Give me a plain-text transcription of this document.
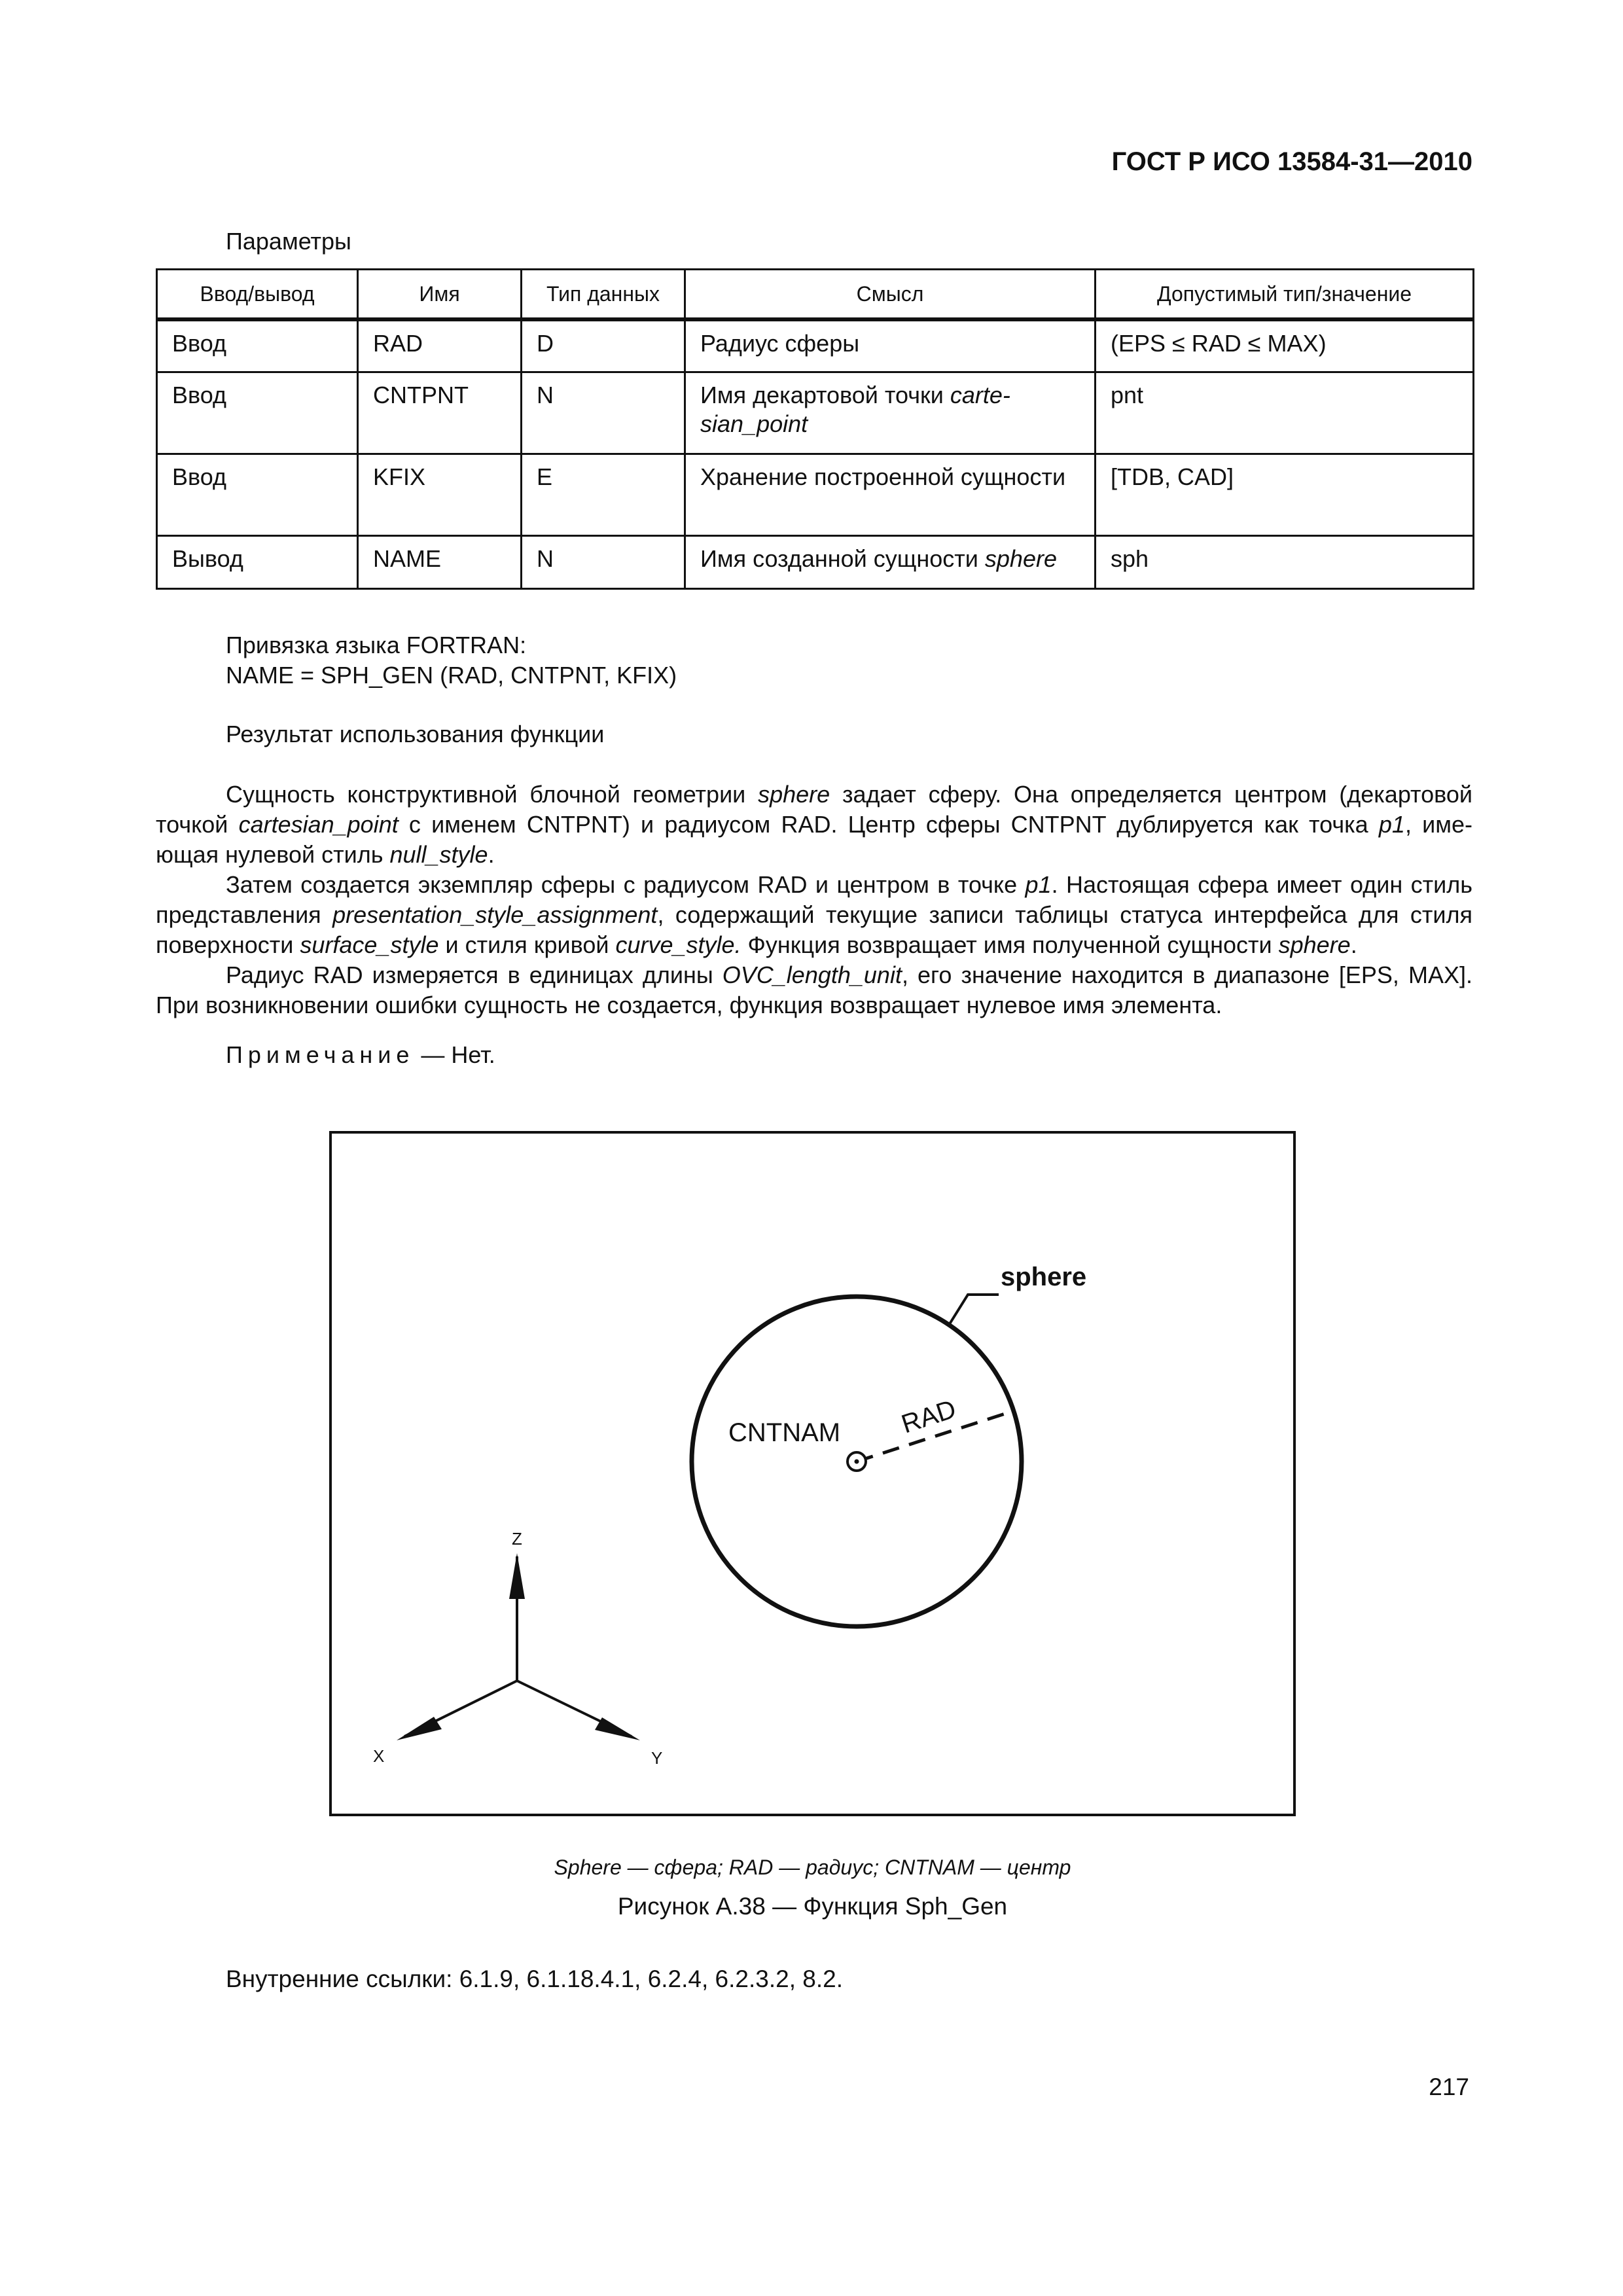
ГОСТ Р ИСО 13584-31—2010
Параметры
Ввод/вывод	Имя	Тип данных	Смысл	Допустимый тип/значение
Ввод	RAD	D	Радиус сферы	(EPS ≤ RAD ≤ MAX)
Ввод	CNTPNT	N	Имя декартовой точки carte-sian_point	pnt
Ввод	KFIX	E	Хранение построенной сущности	[TDB, CAD]
Вывод	NAME	N	Имя созданной сущности sphere	sph
Привязка языка FORTRAN:
NAME = SPH_GEN (RAD, CNTPNT, KFIX)
Результат использования функции
Сущность конструктивной блочной геометрии sphere задает сферу. Она определяется центром (декартовой точкой cartesian_point с именем CNTPNT) и радиусом RAD. Центр сферы CNTPNT дублируется как точка p1, име-ющая нулевой стиль null_style.
Затем создается экземпляр сферы с радиусом RAD и центром в точке p1. Настоящая сфера имеет один стиль представления presentation_style_assignment, содержащий текущие записи таблицы статуса интерфейса для стиля поверхности surface_style и стиля кривой curve_style. Функция возвращает имя полученной сущности sphere.
Радиус RAD измеряется в единицах длины OVC_length_unit, его значение находится в диапазоне [EPS, MAX]. При возникновении ошибки сущность не создается, функция возвращает нулевое имя элемента.
Примечание — Нет.
sphere
CNTNAM RAD
Z
X	Y
Sphere — сфера; RAD — радиус; CNTNAM — центр
Рисунок А.38 — Функция Sph_Gen
Внутренние ссылки: 6.1.9, 6.1.18.4.1, 6.2.4, 6.2.3.2, 8.2.
217
